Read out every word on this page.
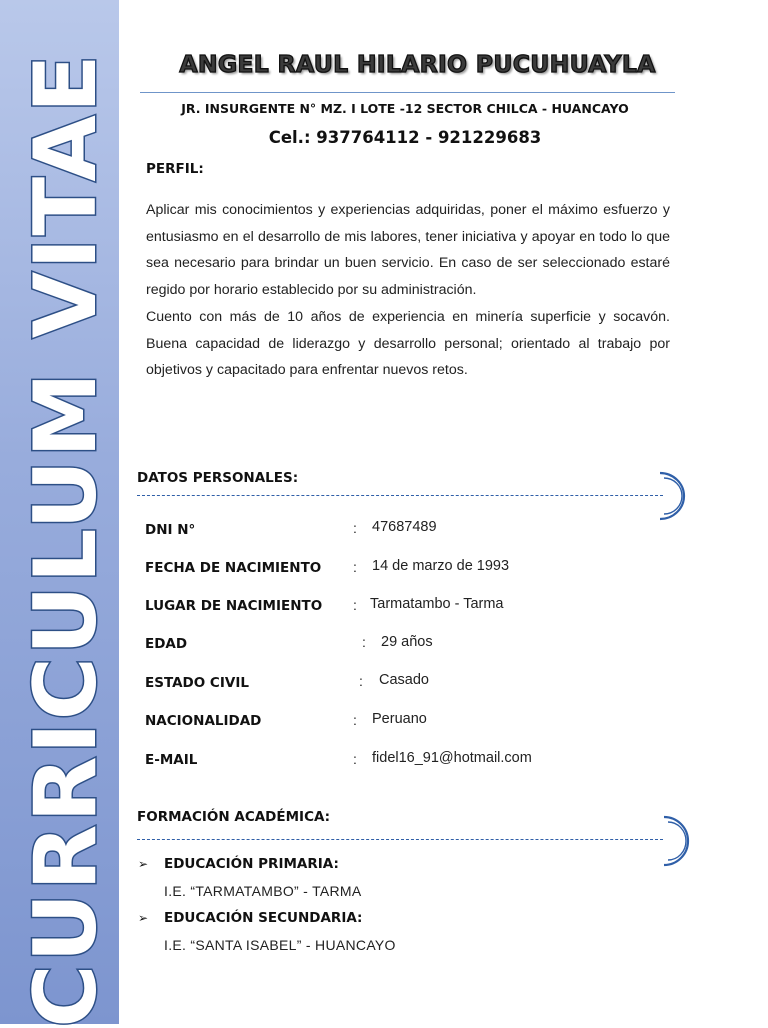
CURRICULUM VITAE	ANGEL RAUL HILARIO PUCUHUAYLA
JR. INSURGENTE N° MZ. I LOTE -12 SECTOR CHILCA - HUANCAYO
Cel.: 937764112 - 921229683
PERFIL:

Aplicar mis conocimientos y experiencias adquiridas, poner el máximo esfuerzo y entusiasmo en el desarrollo de mis labores, tener iniciativa y apoyar en todo lo que sea necesario para brindar un buen servicio. En caso de ser seleccionado estaré regido por horario establecido por su administración.

Cuento con más de 10 años de experiencia en minería superficie y socavón. Buena capacidad de liderazgo y desarrollo personal; orientado al trabajo por objetivos y capacitado para enfrentar nuevos retos.

DATOS PERSONALES:
DNI N°	: 47687489
FECHA DE NACIMIENTO : 14 de marzo de 1993
LUGAR DE NACIMIENTO : Tarmatambo - Tarma
EDAD	: 29 años
ESTADO CIVIL	: Casado
NACIONALIDAD	: Peruano
E-MAIL	: fidel16_91@hotmail.com
FORMACIÓN ACADÉMICA:
➢ EDUCACIÓN PRIMARIA:
I.E. “TARMATAMBO” - TARMA
➢ EDUCACIÓN SECUNDARIA:
I.E. “SANTA ISABEL” - HUANCAYO
